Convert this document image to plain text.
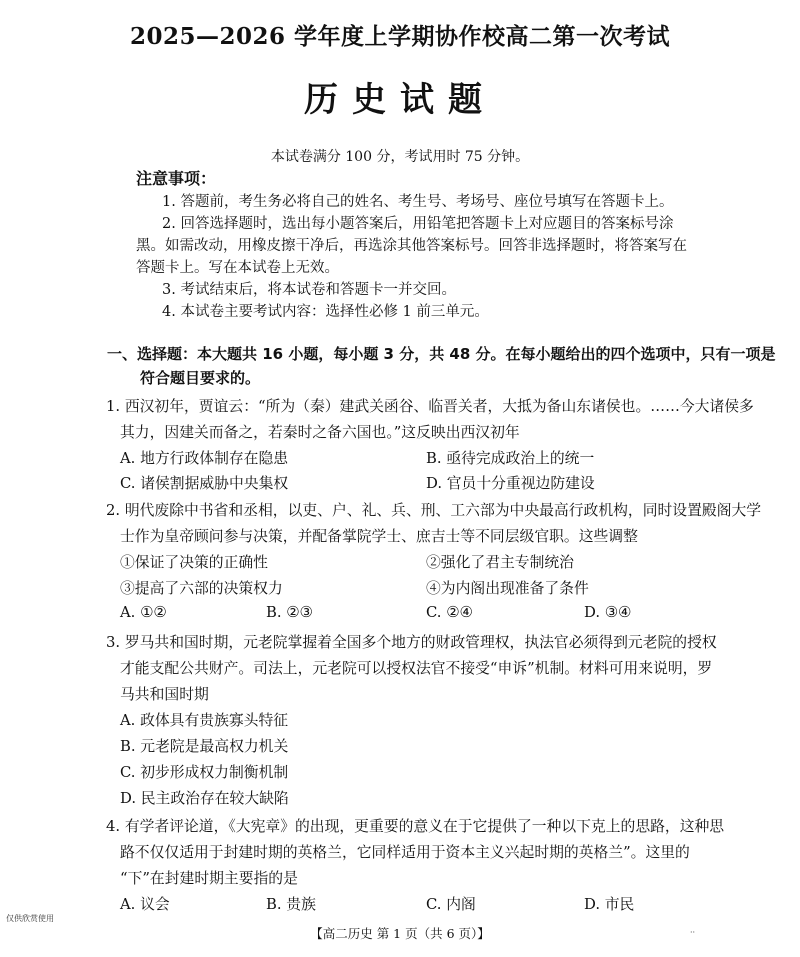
2025—2026 学年度上学期协作校高二第一次考试
历史试题
本试卷满分 100 分，考试用时 75 分钟。
注意事项：
1. 答题前，考生务必将自己的姓名、考生号、考场号、座位号填写在答题卡上。
2. 回答选择题时，选出每小题答案后，用铅笔把答题卡上对应题目的答案标号涂
黑。如需改动，用橡皮擦干净后，再选涂其他答案标号。回答非选择题时，将答案写在
答题卡上。写在本试卷上无效。
3. 考试结束后，将本试卷和答题卡一并交回。
4. 本试卷主要考试内容：选择性必修 1 前三单元。
一、选择题：本大题共 16 小题，每小题 3 分，共 48 分。在每小题给出的四个选项中，只有一项是
符合题目要求的。
1. 西汉初年，贾谊云：“所为（秦）建武关函谷、临晋关者，大抵为备山东诸侯也。……今大诸侯多
其力，因建关而备之，若秦时之备六国也。”这反映出西汉初年
A. 地方行政体制存在隐患	B. 亟待完成政治上的统一
C. 诸侯割据威胁中央集权	D. 官员十分重视边防建设
2. 明代废除中书省和丞相，以吏、户、礼、兵、刑、工六部为中央最高行政机构，同时设置殿阁大学
士作为皇帝顾问参与决策，并配备掌院学士、庶吉士等不同层级官职。这些调整
①保证了决策的正确性	②强化了君主专制统治
③提高了六部的决策权力	④为内阁出现准备了条件
A. ①②	B. ②③	C. ②④	D. ③④
3. 罗马共和国时期，元老院掌握着全国多个地方的财政管理权，执法官必须得到元老院的授权
才能支配公共财产。司法上，元老院可以授权法官不接受“申诉”机制。材料可用来说明，罗
马共和国时期
A. 政体具有贵族寡头特征
B. 元老院是最高权力机关
C. 初步形成权力制衡机制
D. 民主政治存在较大缺陷
4. 有学者评论道，《大宪章》的出现，更重要的意义在于它提供了一种以下克上的思路，这种思
路不仅仅适用于封建时期的英格兰，它同样适用于资本主义兴起时期的英格兰”。这里的
“下”在封建时期主要指的是
A. 议会	B. 贵族	C. 内阁	D. 市民
仅供欣赏使用
【高二历史 第 1 页（共 6 页）】	··
